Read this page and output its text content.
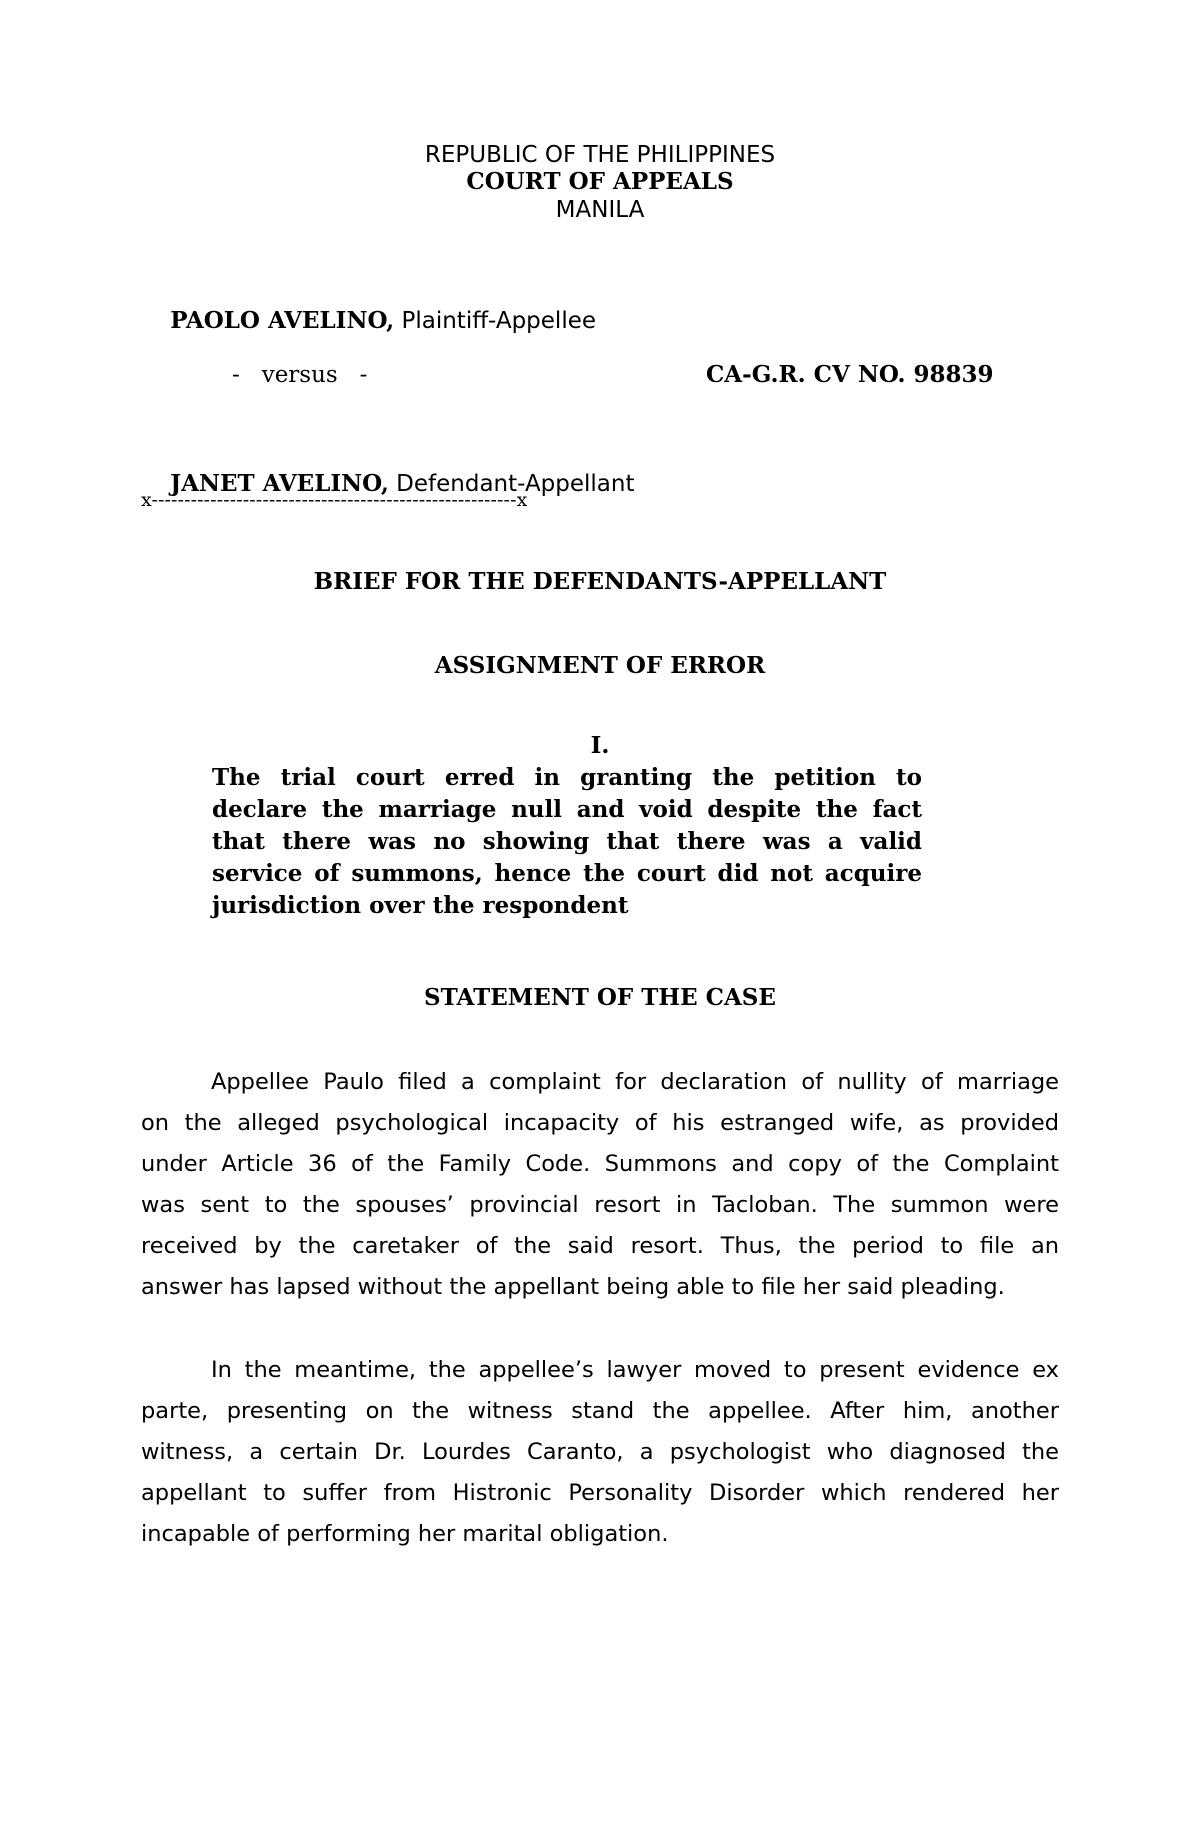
REPUBLIC OF THE PHILIPPINES
COURT OF APPEALS
MANILA

PAOLO AVELINO, Plaintiff-Appellee

-   versus   -	CA-G.R. CV NO. 98839

JANET AVELINO, Defendant-Appellant

x--------------------------------------------------------x
BRIEF FOR THE DEFENDANTS-APPELLANT
ASSIGNMENT OF ERROR
I.
The trial court erred in granting the petition to
declare the marriage null and void despite the fact
that there was no showing that there was a valid
service of summons, hence the court did not acquire
jurisdiction over the respondent
STATEMENT OF THE CASE
Appellee Paulo filed a complaint for declaration of nullity of marriage
on the alleged psychological incapacity of his estranged wife, as provided
under Article 36 of the Family Code. Summons and copy of the Complaint
was sent to the spouses’ provincial resort in Tacloban. The summon were
received by the caretaker of the said resort. Thus, the period to file an
answer has lapsed without the appellant being able to file her said pleading.
In the meantime, the appellee’s lawyer moved to present evidence ex
parte, presenting on the witness stand the appellee. After him, another
witness, a certain Dr. Lourdes Caranto, a psychologist who diagnosed the
appellant to suffer from Histronic Personality Disorder which rendered her
incapable of performing her marital obligation.
